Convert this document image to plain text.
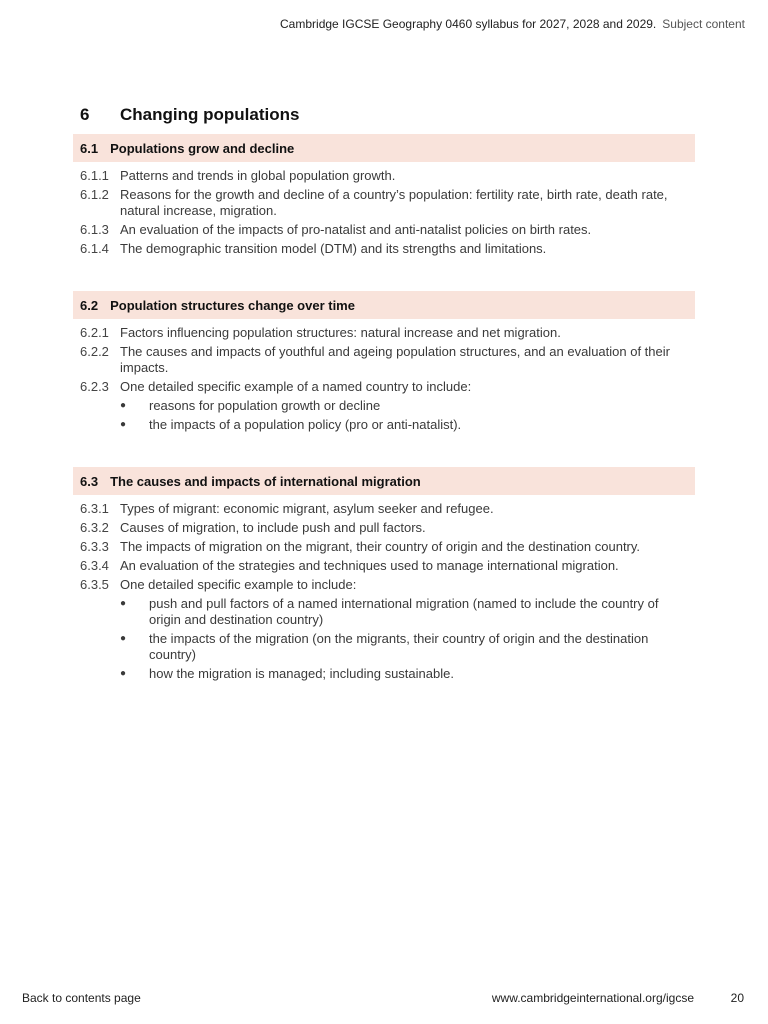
Cambridge IGCSE Geography 0460 syllabus for 2027, 2028 and 2029. Subject content
6	Changing populations
6.1 Populations grow and decline
6.1.1 Patterns and trends in global population growth.
6.1.2 Reasons for the growth and decline of a country’s population: fertility rate, birth rate, death rate, natural increase, migration.
6.1.3 An evaluation of the impacts of pro-natalist and anti-natalist policies on birth rates.
6.1.4 The demographic transition model (DTM) and its strengths and limitations.
6.2 Population structures change over time
6.2.1 Factors influencing population structures: natural increase and net migration.
6.2.2 The causes and impacts of youthful and ageing population structures, and an evaluation of their impacts.
6.2.3 One detailed specific example of a named country to include:
●	reasons for population growth or decline
●	the impacts of a population policy (pro or anti-natalist).
6.3 The causes and impacts of international migration
6.3.1 Types of migrant: economic migrant, asylum seeker and refugee.
6.3.2 Causes of migration, to include push and pull factors.
6.3.3 The impacts of migration on the migrant, their country of origin and the destination country.
6.3.4 An evaluation of the strategies and techniques used to manage international migration.
6.3.5 One detailed specific example to include:
●	push and pull factors of a named international migration (named to include the country of origin and destination country)
●	the impacts of the migration (on the migrants, their country of origin and the destination country)
●	how the migration is managed; including sustainable.
Back to contents page	www.cambridgeinternational.org/igcse	20
